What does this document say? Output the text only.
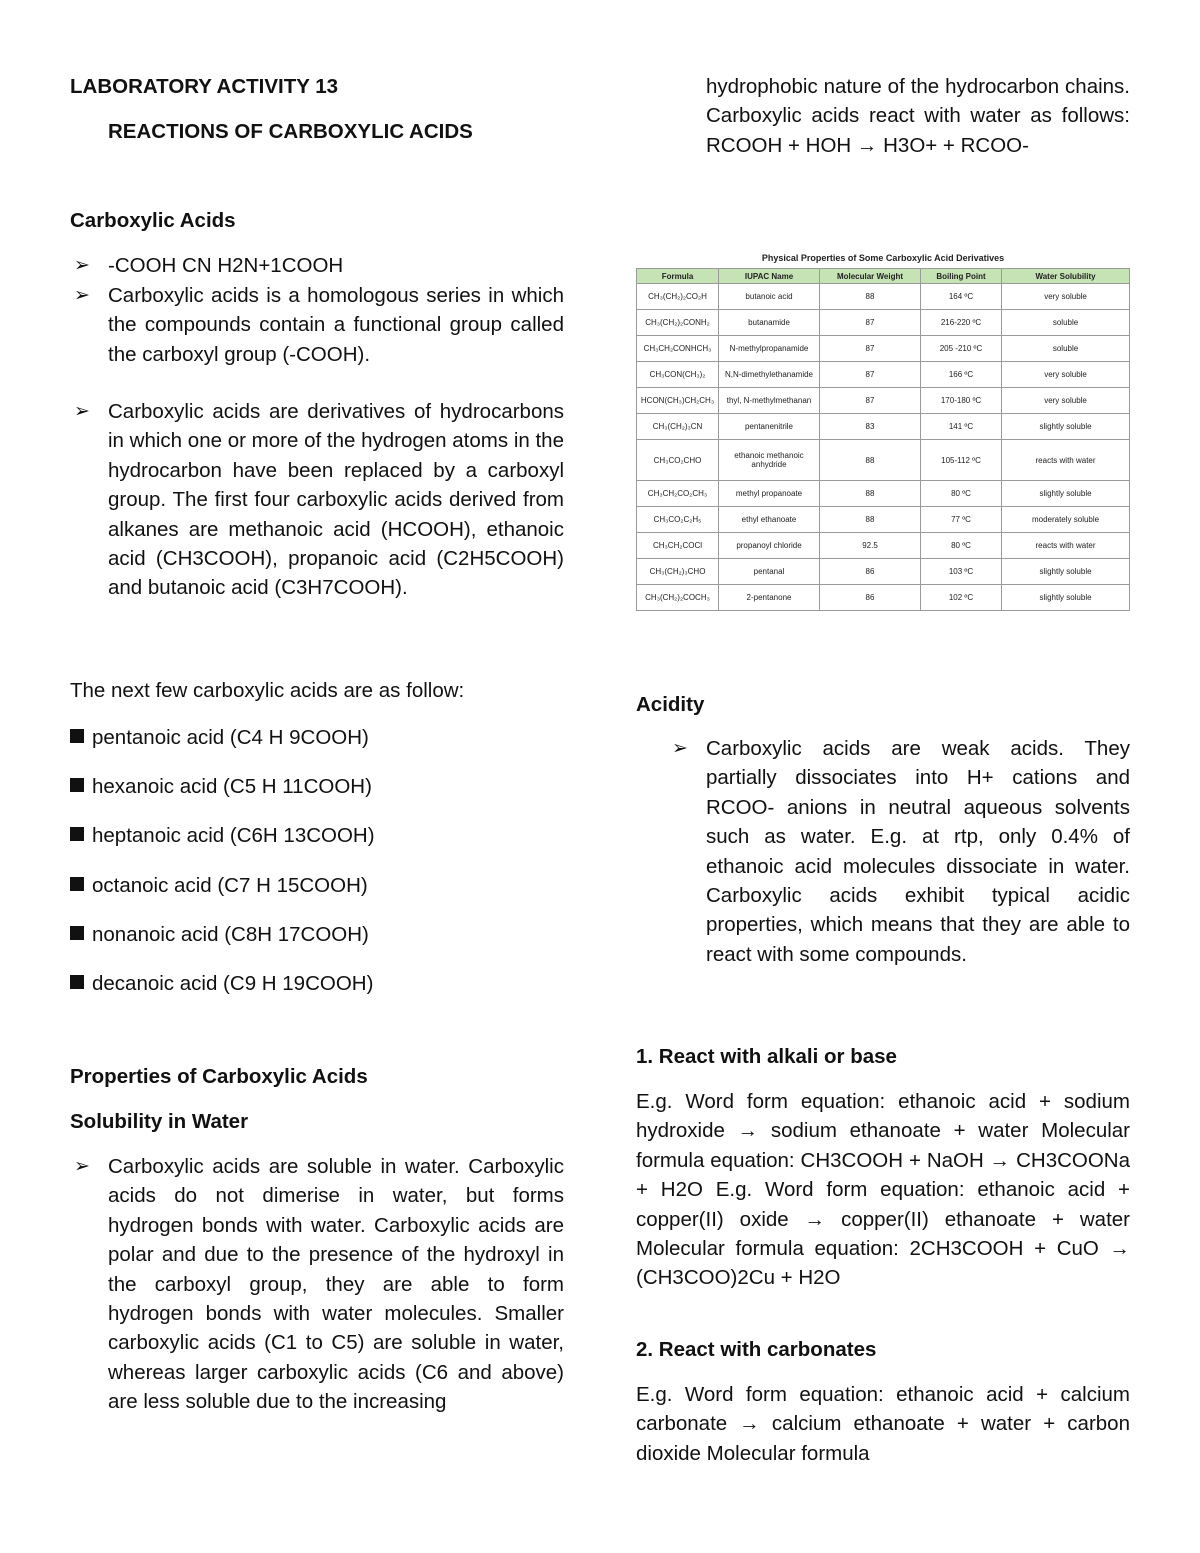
LABORATORY ACTIVITY 13
REACTIONS OF CARBOXYLIC ACIDS
Carboxylic Acids
➢ -COOH CN H2N+1COOH
➢ Carboxylic acids is a homologous series in which the compounds contain a functional group called the carboxyl group (-COOH).
➢ Carboxylic acids are derivatives of hydrocarbons in which one or more of the hydrogen atoms in the hydrocarbon have been replaced by a carboxyl group. The first four carboxylic acids derived from alkanes are methanoic acid (HCOOH), ethanoic acid (CH3COOH), propanoic acid (C2H5COOH) and butanoic acid (C3H7COOH).
The next few carboxylic acids are as follow:
pentanoic acid (C4 H 9COOH)
hexanoic acid (C5 H 11COOH)
heptanoic acid (C6H 13COOH)
octanoic acid (C7 H 15COOH)
nonanoic acid (C8H 17COOH)
decanoic acid (C9 H 19COOH)
Properties of Carboxylic Acids
Solubility in Water
➢ Carboxylic acids are soluble in water. Carboxylic acids do not dimerise in water, but forms hydrogen bonds with water. Carboxylic acids are polar and due to the presence of the hydroxyl in the carboxyl group, they are able to form hydrogen bonds with water molecules. Smaller carboxylic acids (C1 to C5) are soluble in water, whereas larger carboxylic acids (C6 and above) are less soluble due to the increasing
hydrophobic nature of the hydrocarbon chains. Carboxylic acids react with water as follows: RCOOH + HOH → H3O+ + RCOO-
Acidity
➢ Carboxylic acids are weak acids. They partially dissociates into H+ cations and RCOO- anions in neutral aqueous solvents such as water. E.g. at rtp, only 0.4% of ethanoic acid molecules dissociate in water. Carboxylic acids exhibit typical acidic properties, which means that they are able to react with some compounds.
1. React with alkali or base
E.g. Word form equation: ethanoic acid + sodium hydroxide → sodium ethanoate + water Molecular formula equation: CH3COOH + NaOH → CH3COONa + H2O E.g. Word form equation: ethanoic acid + copper(II) oxide → copper(II) ethanoate + water Molecular formula equation: 2CH3COOH + CuO → (CH3COO)2Cu + H2O
2. React with carbonates
E.g. Word form equation: ethanoic acid + calcium carbonate → calcium ethanoate + water + carbon dioxide Molecular formula
Physical Properties of Some Carboxylic Acid Derivatives				
Formula	IUPAC Name	Molecular Weight	Boiling Point	Water Solubility
CH₃(CH₂)₂CO₂H	butanoic acid	88	164 ºC	very soluble
CH₃(CH₂)₂CONH₂	butanamide	87	216-220 ºC	soluble
CH₃CH₂CONHCH₃	N-methylpropanamide	87	205 -210 ºC	soluble
CH₃CON(CH₃)₂	N,N-dimethylethanamide	87	166 ºC	very soluble
HCON(CH₃)CH₂CH₃	thyl, N-methylmethanan	87	170-180 ºC	very soluble
CH₃(CH₂)₃CN	pentanenitrile	83	141 ºC	slightly soluble
CH₃CO₂CHO	ethanoic methanoic anhydride	88	105-112 ºC	reacts with water
CH₃CH₂CO₂CH₃	methyl propanoate	88	80 ºC	slightly soluble
CH₃CO₂C₂H₅	ethyl ethanoate	88	77 ºC	moderately soluble
CH₃CH₂COCl	propanoyl chloride	92.5	80 ºC	reacts with water
CH₃(CH₂)₃CHO	pentanal	86	103 ºC	slightly soluble
CH₃(CH₂)₂COCH₃	2-pentanone	86	102 ºC	slightly soluble
